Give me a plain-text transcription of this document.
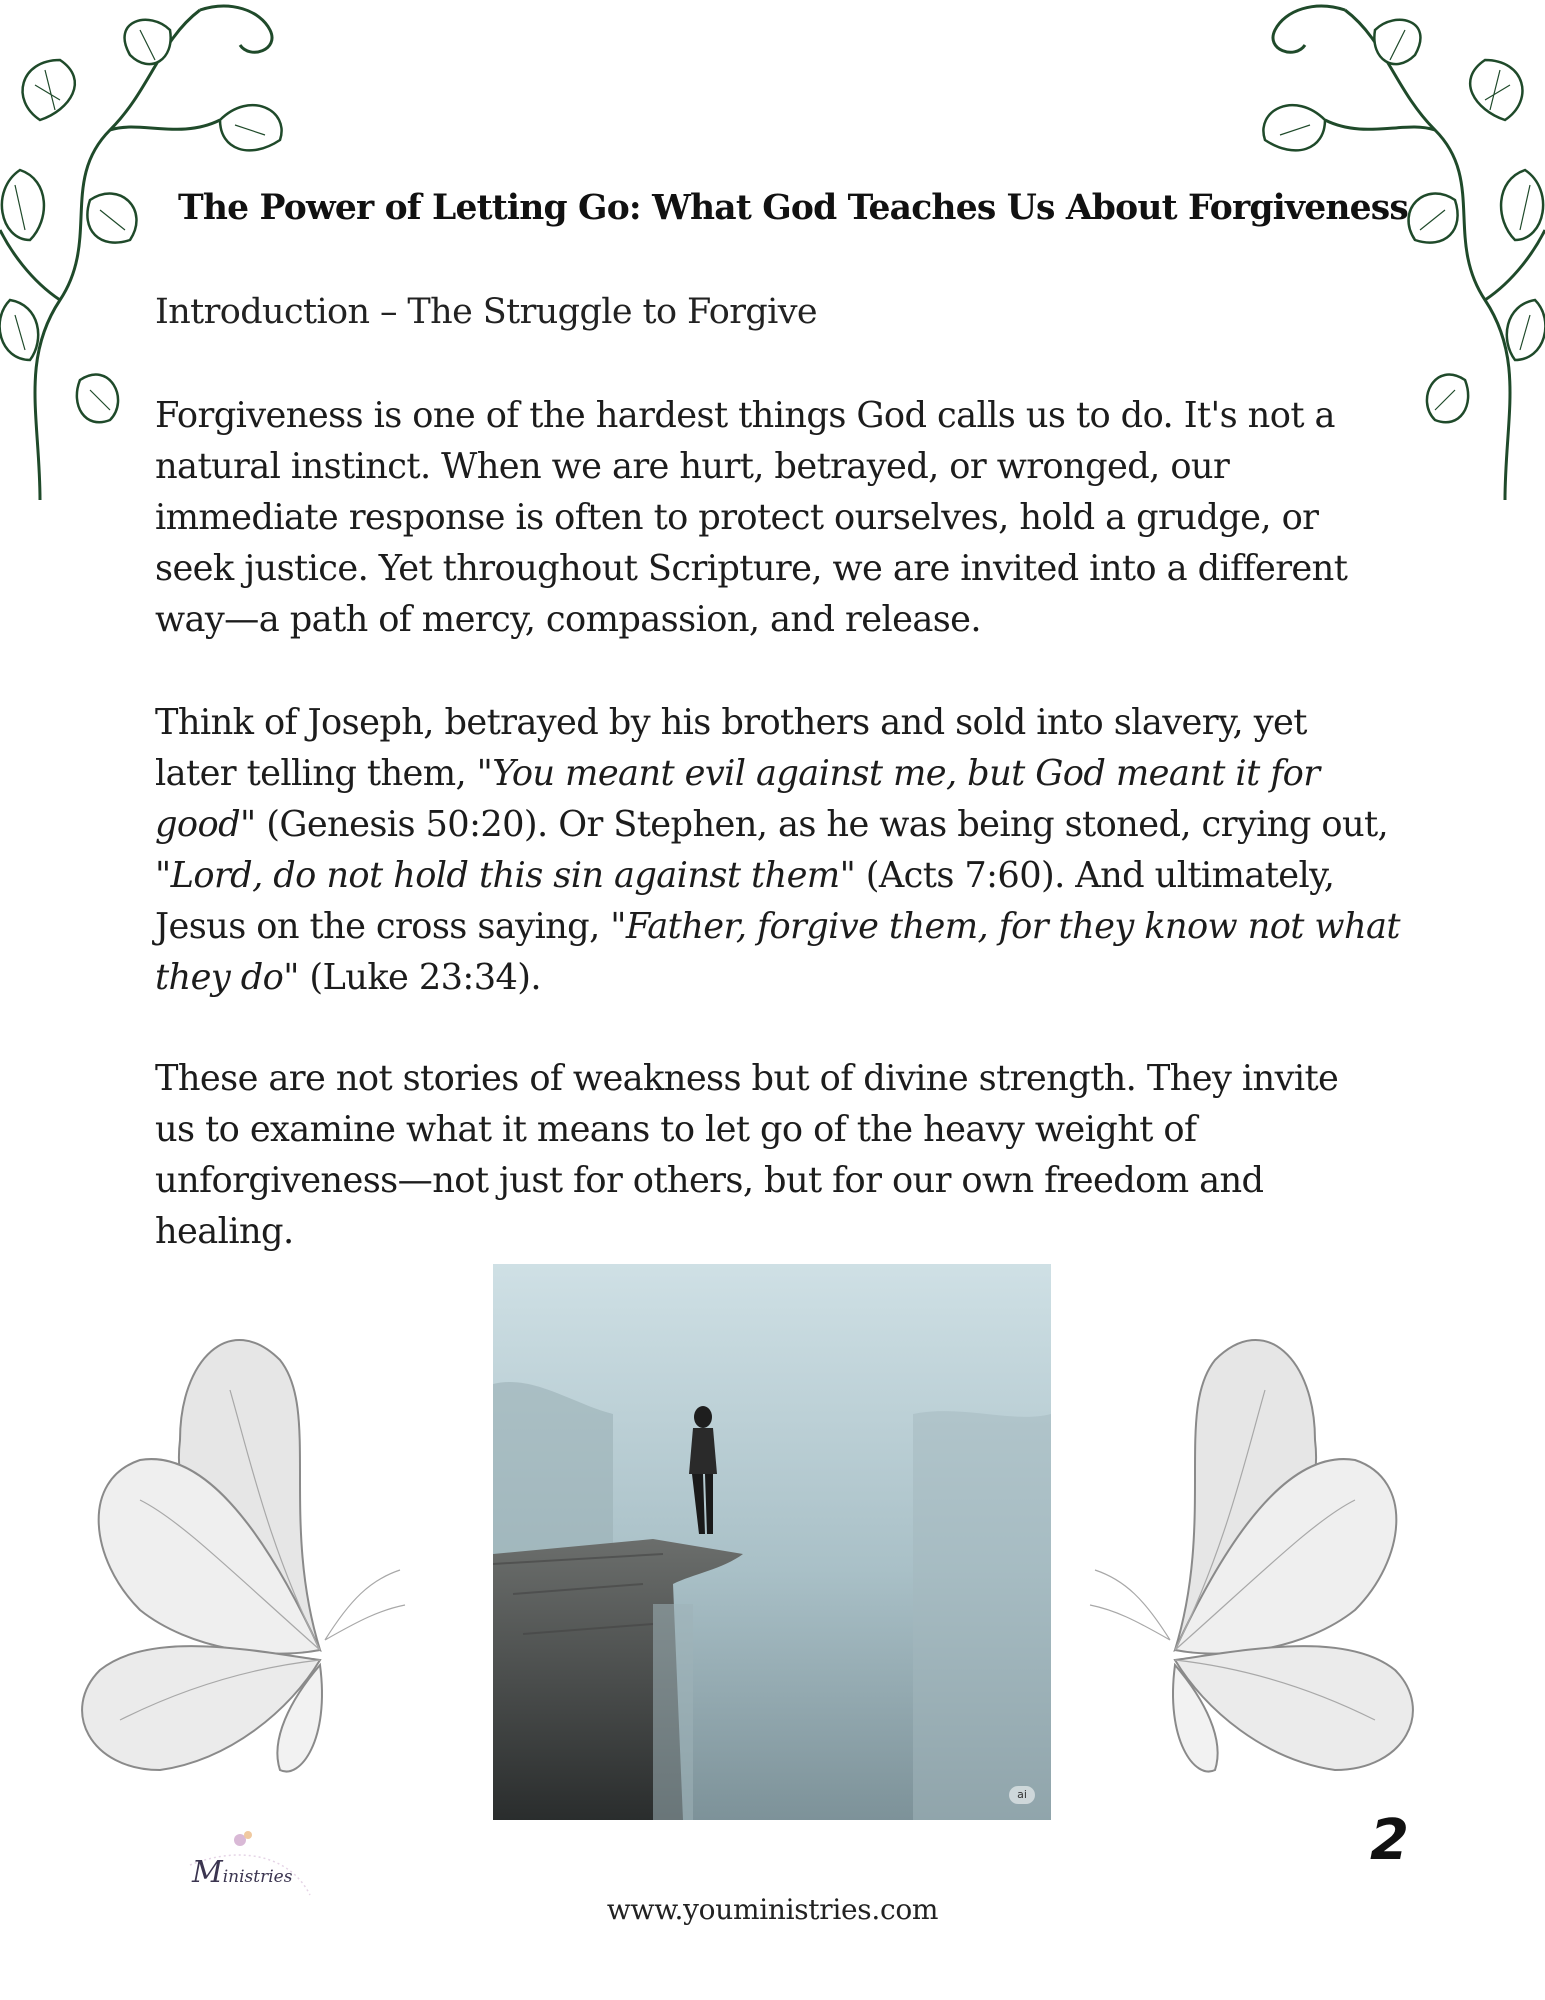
The Power of Letting Go: What God Teaches Us About Forgiveness
Introduction – The Struggle to Forgive
Forgiveness is one of the hardest things God calls us to do. It's not a
natural instinct. When we are hurt, betrayed, or wronged, our
immediate response is often to protect ourselves, hold a grudge, or
seek justice. Yet throughout Scripture, we are invited into a different
way—a path of mercy, compassion, and release.
Think of Joseph, betrayed by his brothers and sold into slavery, yet
later telling them, "You meant evil against me, but God meant it for
good" (Genesis 50:20). Or Stephen, as he was being stoned, crying out,
"Lord, do not hold this sin against them" (Acts 7:60). And ultimately,
Jesus on the cross saying, "Father, forgive them, for they know not what
they do" (Luke 23:34).
These are not stories of weakness but of divine strength. They invite
us to examine what it means to let go of the heavy weight of
unforgiveness—not just for others, but for our own freedom and
healing.
ai
Ministries
2
www.youministries.com
